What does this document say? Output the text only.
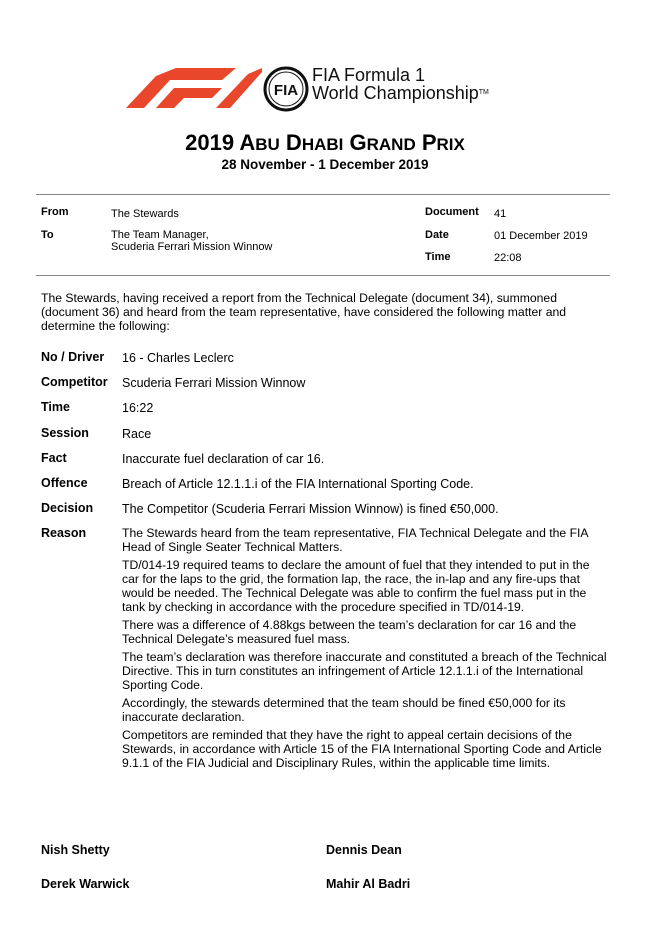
FIA
FIA Formula 1
World ChampionshipTM
2019 ABU DHABI GRAND PRIX
28 November - 1 December 2019
From	The Stewards
To	The Team Manager,
Scuderia Ferrari Mission Winnow
Document 41
Date	01 December 2019
Time	22:08
The Stewards, having received a report from the Technical Delegate (document 34), summoned (document 36) and heard from the team representative, have considered the following matter and determine the following:
No / Driver 16 - Charles Leclerc
Competitor Scuderia Ferrari Mission Winnow
Time	16:22
Session	Race
Fact	Inaccurate fuel declaration of car 16.
Offence	Breach of Article 12.1.1.i of the FIA International Sporting Code.
Decision The Competitor (Scuderia Ferrari Mission Winnow) is fined €50,000.
Reason	The Stewards heard from the team representative, FIA Technical Delegate and the FIA Head of Single Seater Technical Matters.

TD/014-19 required teams to declare the amount of fuel that they intended to put in the car for the laps to the grid, the formation lap, the race, the in-lap and any fire-ups that would be needed. The Technical Delegate was able to confirm the fuel mass put in the tank by checking in accordance with the procedure specified in TD/014-19.

There was a difference of 4.88kgs between the team’s declaration for car 16 and the Technical Delegate’s measured fuel mass.

The team’s declaration was therefore inaccurate and constituted a breach of the Technical Directive. This in turn constitutes an infringement of Article 12.1.1.i of the International Sporting Code.

Accordingly, the stewards determined that the team should be fined €50,000 for its inaccurate declaration.

Competitors are reminded that they have the right to appeal certain decisions of the Stewards, in accordance with Article 15 of the FIA International Sporting Code and Article 9.1.1 of the FIA Judicial and Disciplinary Rules, within the applicable time limits.

Nish Shetty	Dennis Dean
Derek Warwick	Mahir Al Badri
